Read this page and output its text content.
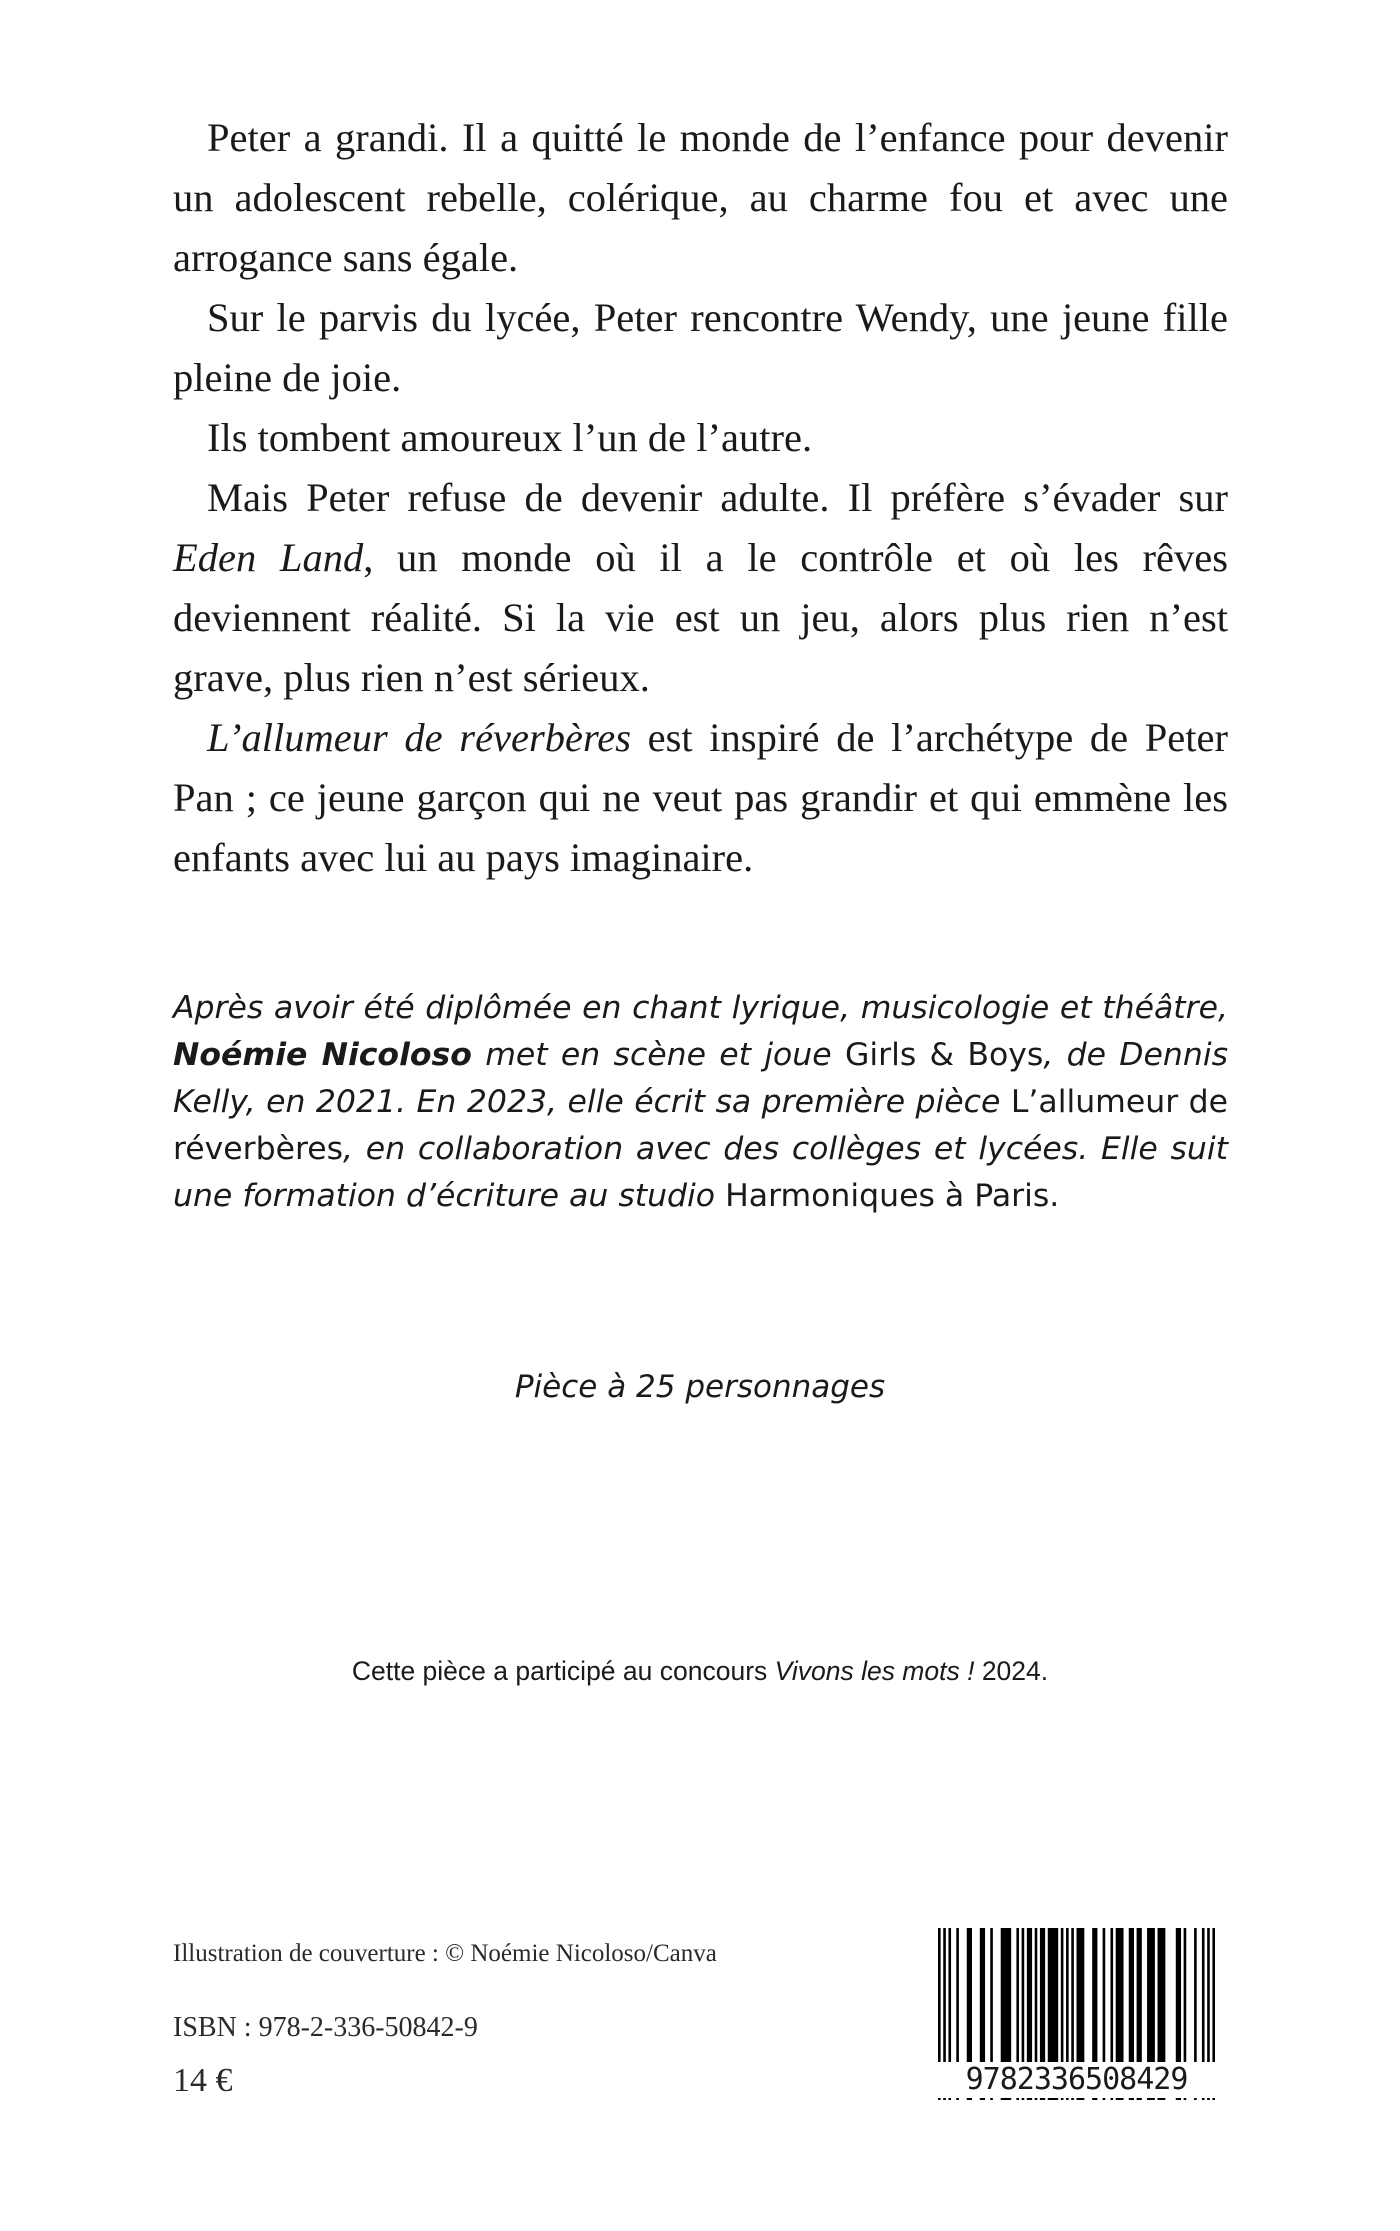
Peter a grandi. Il a quitté le monde de l’enfance pour devenir un adolescent rebelle, colérique, au charme fou et avec une arrogance sans égale.

Sur le parvis du lycée, Peter rencontre Wendy, une jeune fille pleine de joie.

Ils tombent amoureux l’un de l’autre.

Mais Peter refuse de devenir adulte. Il préfère s’évader sur Eden Land, un monde où il a le contrôle et où les rêves deviennent réalité. Si la vie est un jeu, alors plus rien n’est grave, plus rien n’est sérieux.

L’allumeur de réverbères est inspiré de l’archétype de Peter Pan ; ce jeune garçon qui ne veut pas grandir et qui emmène les enfants avec lui au pays imaginaire.

Après avoir été diplômée en chant lyrique, musicologie et théâtre, Noémie Nicoloso met en scène et joue Girls & Boys, de Dennis Kelly, en 2021. En 2023, elle écrit sa première pièce L’allumeur de réverbères, en collaboration avec des collèges et lycées. Elle suit une formation d’écriture au studio Harmoniques à Paris.

Pièce à 25 personnages
Cette pièce a participé au concours Vivons les mots ! 2024.
Illustration de couverture : © Noémie Nicoloso/Canva
ISBN : 978-2-336-50842-9
14 €	9782336508429
